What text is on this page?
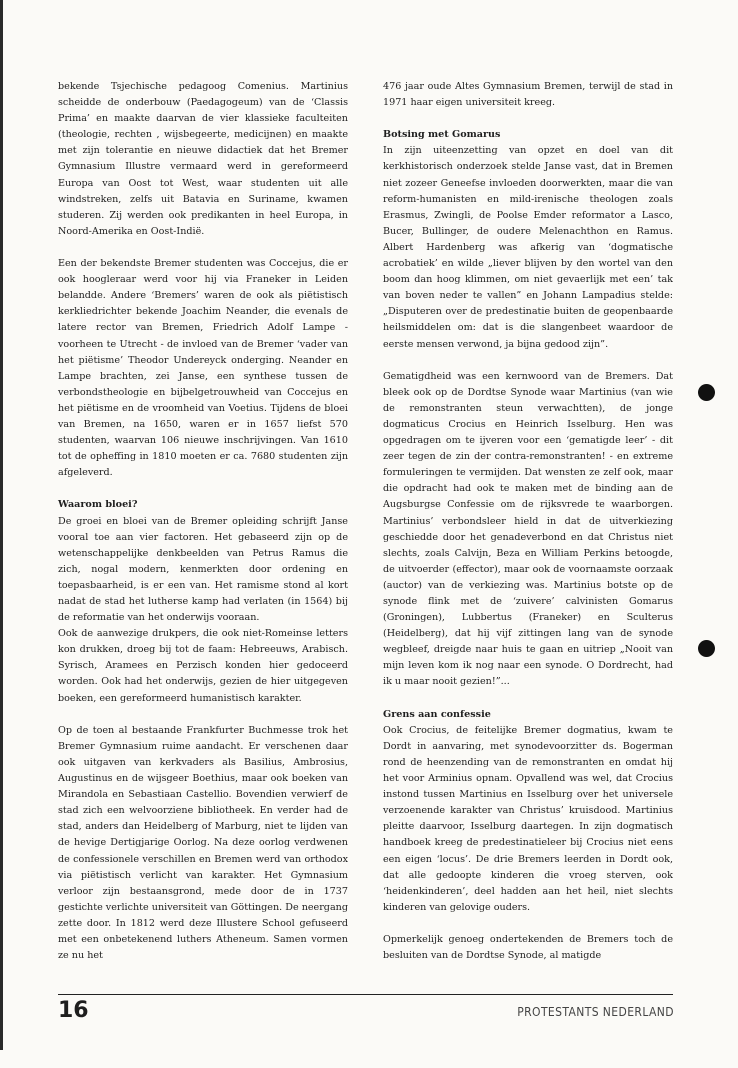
bekende Tsjechische pedagoog Comenius. Martinius scheidde de onderbouw (Paedagogeum) van de ‘Classis Prima’ en maakte daarvan de vier klassieke faculteiten (theologie, rechten , wijsbegeerte, medicijnen) en maakte met zijn tolerantie en nieuwe didactiek dat het Bremer Gymnasium Illustre vermaard werd in gereformeerd Europa van Oost tot West, waar studenten uit alle windstreken, zelfs uit Batavia en Suriname, kwamen studeren. Zij werden ook predikanten in heel Europa, in Noord-Amerika en Oost-Indië.

Een der bekendste Bremer studenten was Coccejus, die er ook hoogleraar werd voor hij via Franeker in Leiden belandde. Andere ‘Bremers’ waren de ook als piëtistisch kerkliedrichter bekende Joachim Neander, die evenals de latere rector van Bremen, Friedrich Adolf Lampe - voorheen te Utrecht - de invloed van de Bremer ‘vader van het piëtisme’ Theodor Undereyck onderging. Neander en Lampe brachten, zei Janse, een synthese tussen de verbondstheologie en bijbelgetrouwheid van Coccejus en het piëtisme en de vroomheid van Voetius. Tijdens de bloei van Bremen, na 1650, waren er in 1657 liefst 570 studenten, waarvan 106 nieuwe inschrijvingen. Van 1610 tot de opheffing in 1810 moeten er ca. 7680 studenten zijn afgeleverd.

Waarom bloei?

De groei en bloei van de Bremer opleiding schrijft Janse vooral toe aan vier factoren. Het gebaseerd zijn op de wetenschappelijke denkbeelden van Petrus Ramus die zich, nogal modern, kenmerkten door ordening en toepasbaarheid, is er een van. Het ramisme stond al kort nadat de stad het lutherse kamp had verlaten (in 1564) bij de reformatie van het onderwijs vooraan.

Ook de aanwezige drukpers, die ook niet-Romeinse letters kon drukken, droeg bij tot de faam: Hebreeuws, Arabisch. Syrisch, Aramees en Perzisch konden hier gedoceerd worden. Ook had het onderwijs, gezien de hier uitgegeven boeken, een gereformeerd humanistisch karakter.

Op de toen al bestaande Frankfurter Buchmesse trok het Bremer Gymnasium ruime aandacht. Er verschenen daar ook uitgaven van kerkvaders als Basilius, Ambrosius, Augustinus en de wijsgeer Boethius, maar ook boeken van Mirandola en Sebastiaan Castellio. Bovendien verwierf de stad zich een welvoorziene bibliotheek. En verder had de stad, anders dan Heidelberg of Marburg, niet te lijden van de hevige Dertigjarige Oorlog. Na deze oorlog verdwenen de confessionele verschillen en Bremen werd van orthodox via piëtistisch verlicht van karakter. Het Gymnasium verloor zijn bestaansgrond, mede door de in 1737 gestichte verlichte universiteit van Göttingen. De neergang zette door. In 1812 werd deze Illustere School gefuseerd met een onbetekenend luthers Atheneum. Samen vormen ze nu het

476 jaar oude Altes Gymnasium Bremen, terwijl de stad in 1971 haar eigen universiteit kreeg.

Botsing met Gomarus

In zijn uiteenzetting van opzet en doel van dit kerkhistorisch onderzoek stelde Janse vast, dat in Bremen niet zozeer Geneefse invloeden doorwerkten, maar die van reform-humanisten en mild-irenische theologen zoals Erasmus, Zwingli, de Poolse Emder reformator a Lasco, Bucer, Bullinger, de oudere Melenachthon en Ramus. Albert Hardenberg was afkerig van ‘dogmatische acrobatiek’ en wilde „liever blijven by den wortel van den boom dan hoog klimmen, om niet gevaerlijk met een’ tak van boven neder te vallen” en Johann Lampadius stelde: „Disputeren over de predestinatie buiten de geopenbaarde heilsmiddelen om: dat is die slangenbeet waardoor de eerste mensen verwond, ja bijna gedood zijn”.

Gematigdheid was een kernwoord van de Bremers. Dat bleek ook op de Dordtse Synode waar Martinius (van wie de remonstranten steun verwachtten), de jonge dogmaticus Crocius en Heinrich Isselburg. Hen was opgedragen om te ijveren voor een ‘gematigde leer’ - dit zeer tegen de zin der contra-remonstranten! - en extreme formuleringen te vermijden. Dat wensten ze zelf ook, maar die opdracht had ook te maken met de binding aan de Augsburgse Confessie om de rijksvrede te waarborgen. Martinius’ verbondsleer hield in dat de uitverkiezing geschiedde door het genadeverbond en dat Christus niet slechts, zoals Calvijn, Beza en William Perkins betoogde, de uitvoerder (effector), maar ook de voornaamste oorzaak (auctor) van de verkiezing was. Martinius botste op de synode flink met de ‘zuivere’ calvinisten Gomarus (Groningen), Lubbertus (Franeker) en Sculterus (Heidelberg), dat hij vijf zittingen lang van de synode wegbleef, dreigde naar huis te gaan en uitriep „Nooit van mijn leven kom ik nog naar een synode. O Dordrecht, had ik u maar nooit gezien!”...

Grens aan confessie

Ook Crocius, de feitelijke Bremer dogmatius, kwam te Dordt in aanvaring, met synodevoorzitter ds. Bogerman rond de heenzending van de remonstranten en omdat hij het voor Arminius opnam. Opvallend was wel, dat Crocius instond tussen Martinius en Isselburg over het universele verzoenende karakter van Christus’ kruisdood. Martinius pleitte daarvoor, Isselburg daartegen. In zijn dogmatisch handboek kreeg de predestinatieleer bij Crocius niet eens een eigen ‘locus’. De drie Bremers leerden in Dordt ook, dat alle gedoopte kinderen die vroeg sterven, ook ‘heidenkinderen’, deel hadden aan het heil, niet slechts kinderen van gelovige ouders.

Opmerkelijk genoeg ondertekenden de Bremers toch de besluiten van de Dordtse Synode, al matigde

16	PROTESTANTS NEDERLAND
